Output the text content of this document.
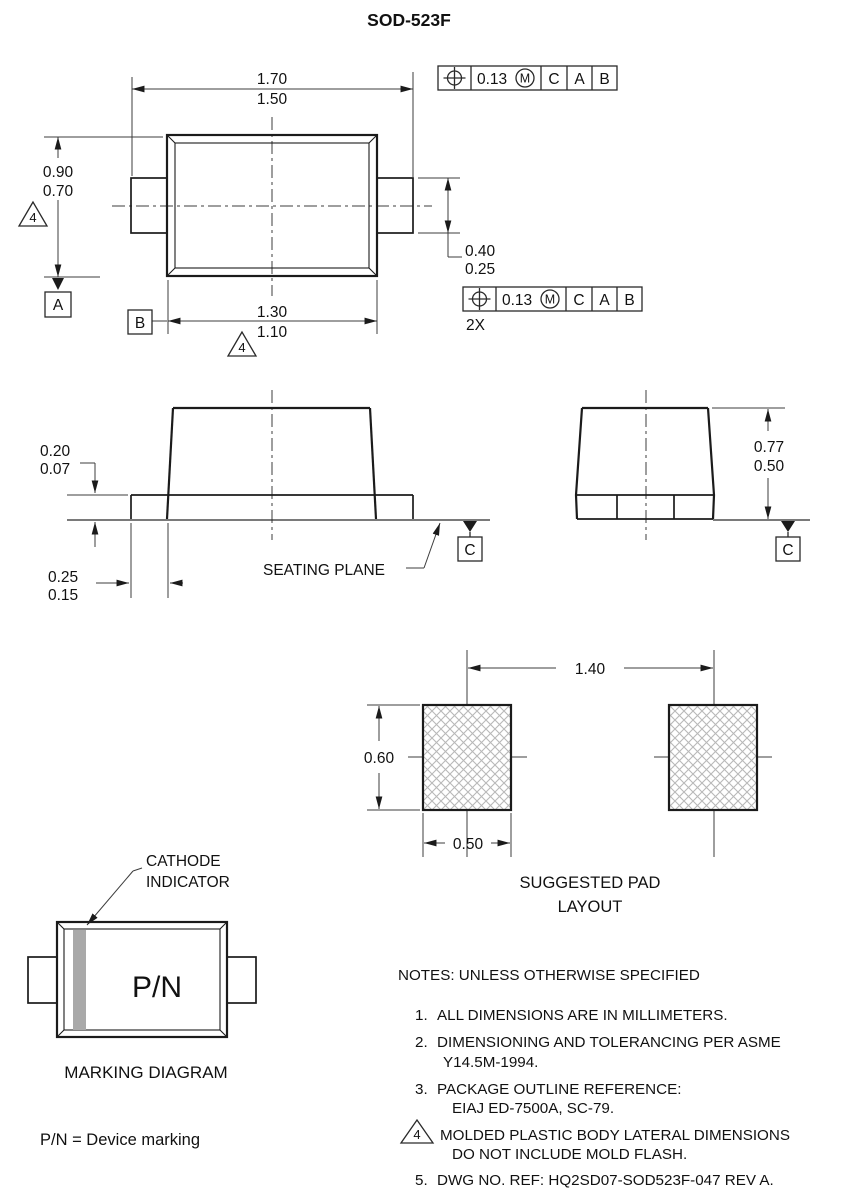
SOD-523F
1.70
1.50
0.90
0.70
A
4
1.30
1.10
B
4
0.40
0.25
0.13 M C A B
0.13 M C A B
2X
0.20
0.07
0.25
0.15
SEATING PLANE
C
0.77
0.50
C
1.40
0.60
0.50
SUGGESTED PAD
LAYOUT
CATHODE
INDICATOR
P/N
MARKING DIAGRAM
P/N = Device marking
NOTES: UNLESS OTHERWISE SPECIFIED
1. ALL DIMENSIONS ARE IN MILLIMETERS.
2. DIMENSIONING AND TOLERANCING PER ASME
Y14.5M-1994.
3. PACKAGE OUTLINE REFERENCE:
EIAJ ED-7500A, SC-79.
4 MOLDED PLASTIC BODY LATERAL DIMENSIONS
DO NOT INCLUDE MOLD FLASH.
5. DWG NO. REF: HQ2SD07-SOD523F-047 REV A.
